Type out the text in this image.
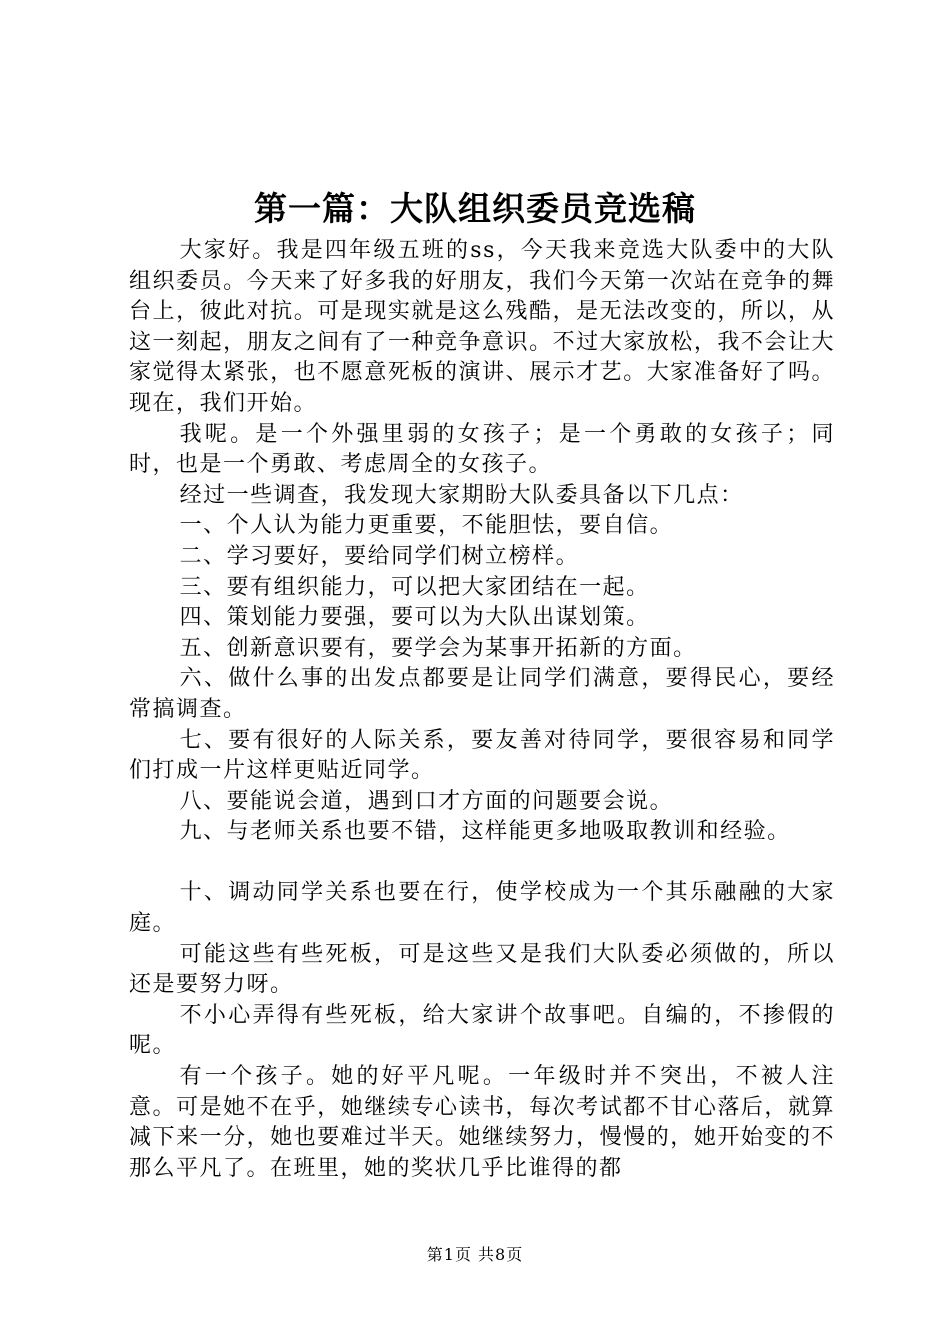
第一篇：大队组织委员竞选稿

大家好。我是四年级五班的ss，今天我来竞选大队委中的大队组织委员。今天来了好多我的好朋友，我们今天第一次站在竞争的舞台上，彼此对抗。可是现实就是这么残酷，是无法改变的，所以，从这一刻起，朋友之间有了一种竞争意识。不过大家放松，我不会让大家觉得太紧张，也不愿意死板的演讲、展示才艺。大家准备好了吗。现在，我们开始。

我呢。是一个外强里弱的女孩子；是一个勇敢的女孩子；同时，也是一个勇敢、考虑周全的女孩子。

经过一些调查，我发现大家期盼大队委具备以下几点：

一、个人认为能力更重要，不能胆怯，要自信。

二、学习要好，要给同学们树立榜样。

三、要有组织能力，可以把大家团结在一起。

四、策划能力要强，要可以为大队出谋划策。

五、创新意识要有，要学会为某事开拓新的方面。

六、做什么事的出发点都要是让同学们满意，要得民心，要经常搞调查。

七、要有很好的人际关系，要友善对待同学，要很容易和同学们打成一片这样更贴近同学。

八、要能说会道，遇到口才方面的问题要会说。

九、与老师关系也要不错，这样能更多地吸取教训和经验。

十、调动同学关系也要在行，使学校成为一个其乐融融的大家庭。

可能这些有些死板，可是这些又是我们大队委必须做的，所以还是要努力呀。

不小心弄得有些死板，给大家讲个故事吧。自编的，不掺假的呢。

有一个孩子。她的好平凡呢。一年级时并不突出，不被人注意。可是她不在乎，她继续专心读书，每次考试都不甘心落后，就算减下来一分，她也要难过半天。她继续努力，慢慢的，她开始变的不那么平凡了。在班里，她的奖状几乎比谁得的都

第1页 共8页
